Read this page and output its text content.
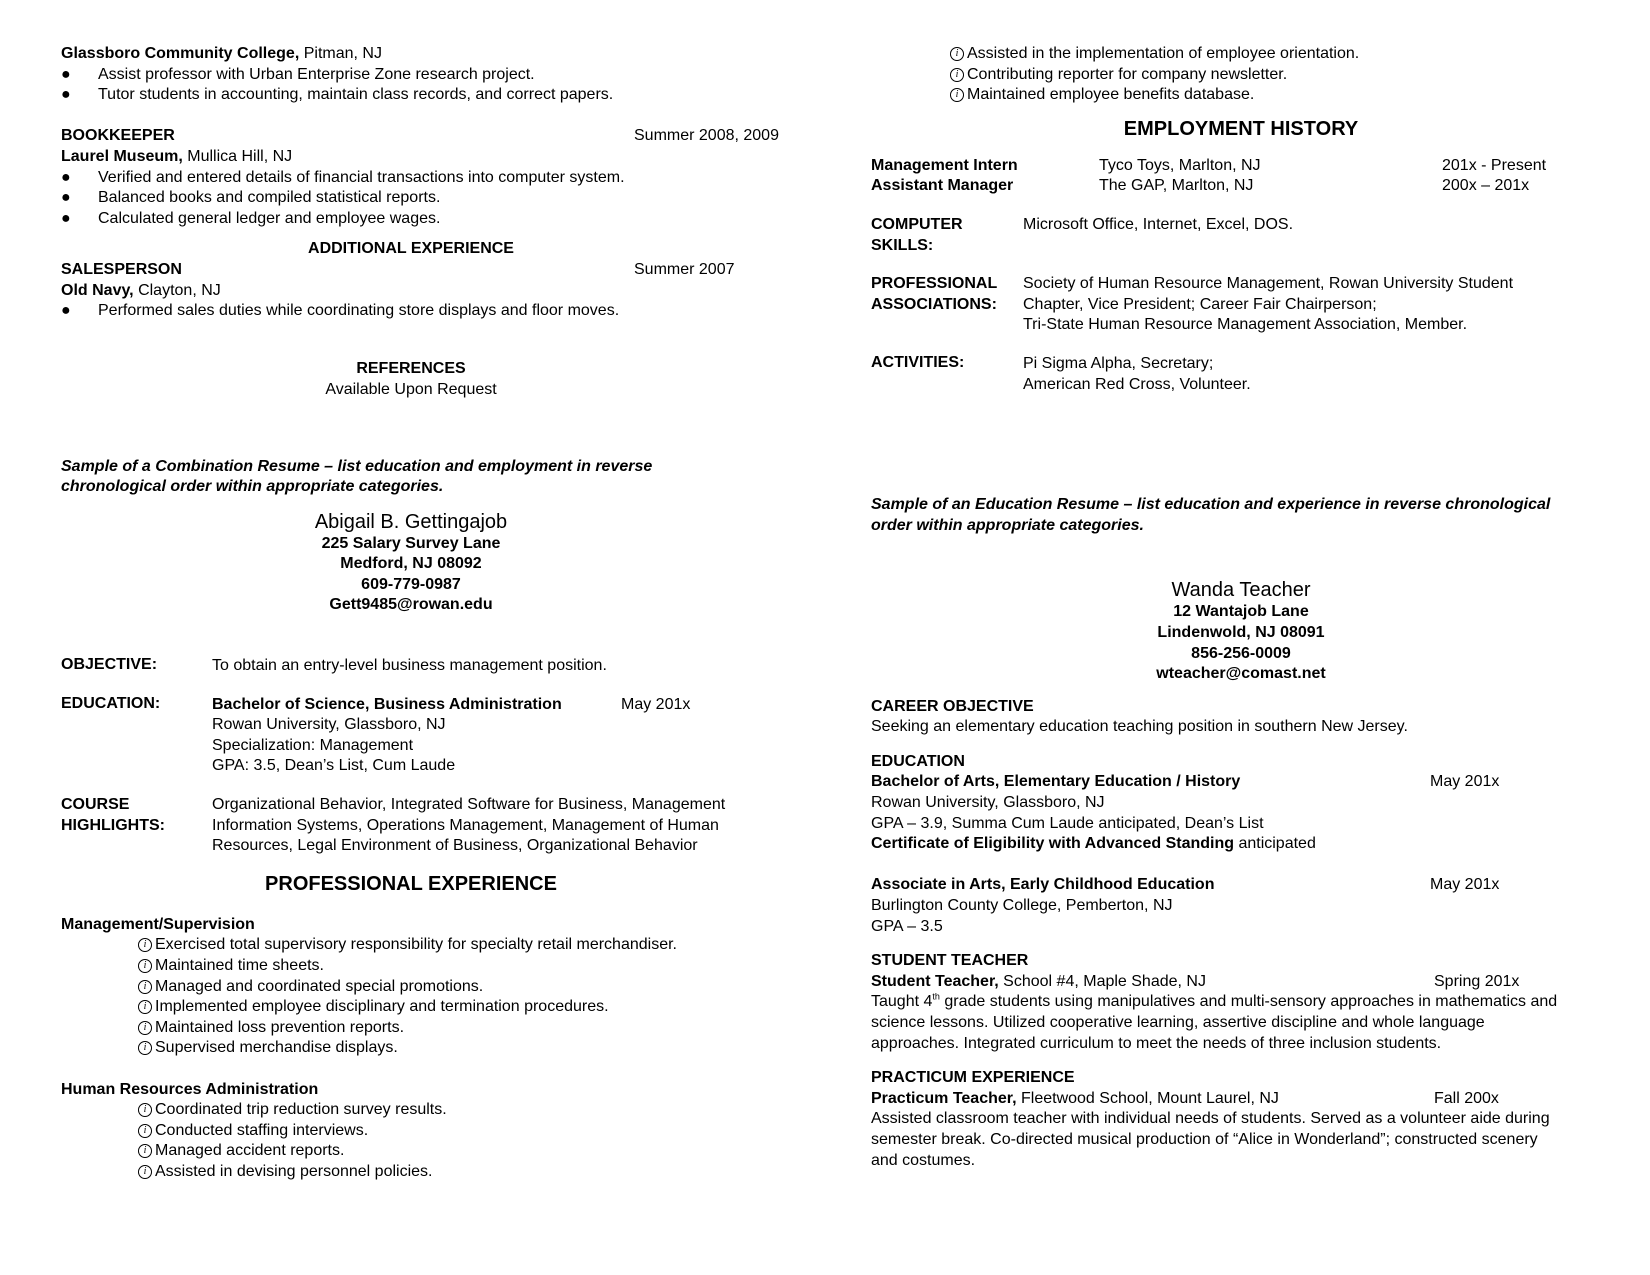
Glassboro Community College, Pitman, NJ
● Assist professor with Urban Enterprise Zone research project.
● Tutor students in accounting, maintain class records, and correct papers.
BOOKKEEPER	Summer 2008, 2009
Laurel Museum, Mullica Hill, NJ
● Verified and entered details of financial transactions into computer system.
● Balanced books and compiled statistical reports.
● Calculated general ledger and employee wages.
ADDITIONAL EXPERIENCE
SALESPERSON	Summer 2007
Old Navy, Clayton, NJ
● Performed sales duties while coordinating store displays and floor moves.
REFERENCES
Available Upon Request
Sample of a Combination Resume – list education and employment in reverse
chronological order within appropriate categories.
Abigail B. Gettingajob
225 Salary Survey Lane
Medford, NJ 08092
609-779-0987
Gett9485@rowan.edu
OBJECTIVE:	To obtain an entry-level business management position.
EDUCATION:	Bachelor of Science, Business Administration	May 201x
Rowan University, Glassboro, NJ
Specialization: Management
GPA: 3.5, Dean’s List, Cum Laude
COURSE
HIGHLIGHTS:
Organizational Behavior, Integrated Software for Business, Management
Information Systems, Operations Management, Management of Human
Resources, Legal Environment of Business, Organizational Behavior
PROFESSIONAL EXPERIENCE
Management/Supervision
i Exercised total supervisory responsibility for specialty retail merchandiser.
i Maintained time sheets.
i Managed and coordinated special promotions.
i Implemented employee disciplinary and termination procedures.
i Maintained loss prevention reports.
i Supervised merchandise displays.
Human Resources Administration
i Coordinated trip reduction survey results.
i Conducted staffing interviews.
i Managed accident reports.
i Assisted in devising personnel policies.
i Assisted in the implementation of employee orientation.
i Contributing reporter for company newsletter.
i Maintained employee benefits database.
EMPLOYMENT HISTORY
Management Intern	Tyco Toys, Marlton, NJ	201x - Present
Assistant Manager	The GAP, Marlton, NJ	200x – 201x
COMPUTER
SKILLS:
Microsoft Office, Internet, Excel, DOS.
PROFESSIONAL
ASSOCIATIONS:
Society of Human Resource Management, Rowan University Student
Chapter, Vice President; Career Fair Chairperson;
Tri-State Human Resource Management Association, Member.
ACTIVITIES:	Pi Sigma Alpha, Secretary;
American Red Cross, Volunteer.
Sample of an Education Resume – list education and experience in reverse chronological
order within appropriate categories.
Wanda Teacher
12 Wantajob Lane
Lindenwold, NJ 08091
856-256-0009
wteacher@comast.net
CAREER OBJECTIVE
Seeking an elementary education teaching position in southern New Jersey.
EDUCATION
Bachelor of Arts, Elementary Education / History	May 201x
Rowan University, Glassboro, NJ
GPA – 3.9, Summa Cum Laude anticipated, Dean’s List
Certificate of Eligibility with Advanced Standing anticipated
Associate in Arts, Early Childhood Education	May 201x
Burlington County College, Pemberton, NJ
GPA – 3.5
STUDENT TEACHER
Student Teacher, School #4, Maple Shade, NJ	Spring 201x
Taught 4th grade students using manipulatives and multi-sensory approaches in mathematics and
science lessons. Utilized cooperative learning, assertive discipline and whole language
approaches. Integrated curriculum to meet the needs of three inclusion students.
PRACTICUM EXPERIENCE
Practicum Teacher, Fleetwood School, Mount Laurel, NJ	Fall 200x
Assisted classroom teacher with individual needs of students. Served as a volunteer aide during
semester break. Co-directed musical production of “Alice in Wonderland”; constructed scenery
and costumes.
